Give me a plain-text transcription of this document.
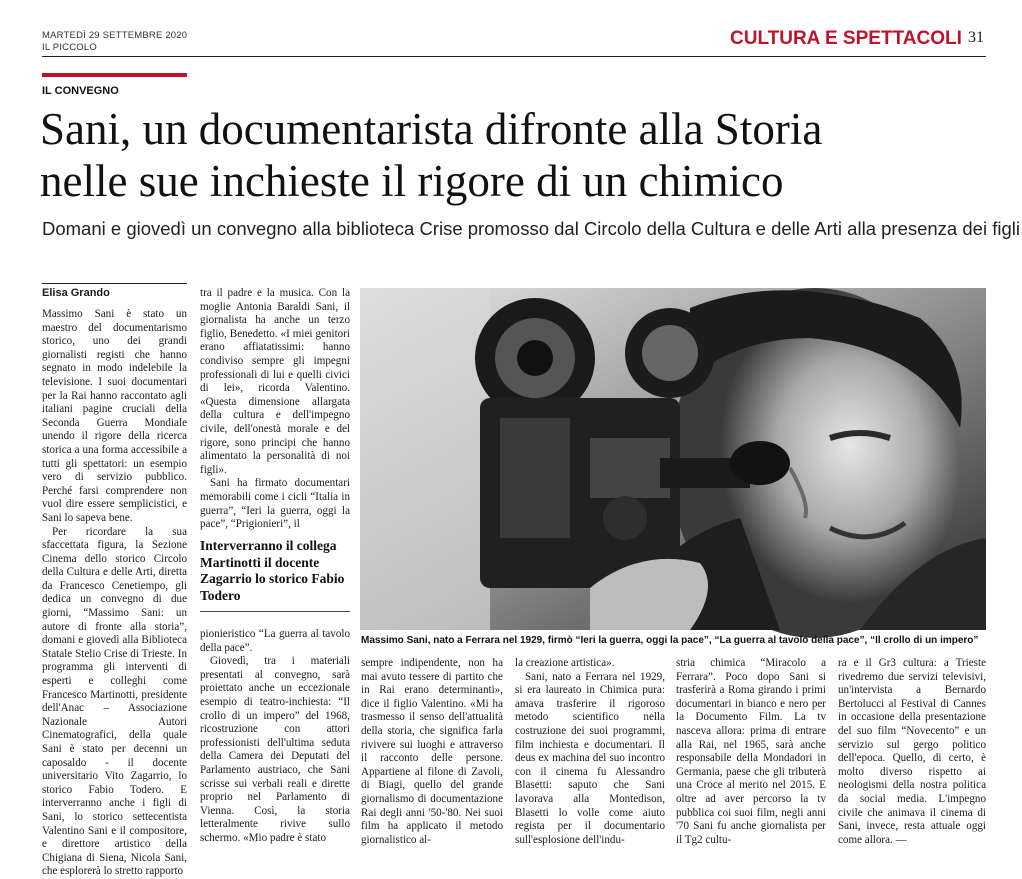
MARTEDÌ 29 SETTEMBRE 2020
IL PICCOLO	CULTURA E SPETTACOLI 31
IL CONVEGNO
Sani, un documentarista difronte alla Storia
nelle sue inchieste il rigore di un chimico
Domani e giovedì un convegno alla biblioteca Crise promosso dal Circolo della Cultura e delle Arti alla presenza dei figli
Elisa Grando

Massimo Sani è stato un maestro del documentarismo storico, uno dei grandi giornalisti registi che hanno segnato in modo indelebile la televisione. I suoi documentari per la Rai hanno raccontato agli italiani pagine cruciali della Seconda Guerra Mondiale unendo il rigore della ricerca storica a una forma accessibile a tutti gli spettatori: un esempio vero di servizio pubblico. Perché farsi comprendere non vuol dire essere semplicistici, e Sani lo sapeva bene.

Per ricordare la sua sfaccettata figura, la Sezione Cinema dello storico Circolo della Cultura e delle Arti, diretta da Francesco Cenetiempo, gli dedica un convegno di due giorni, “Massimo Sani: un autore di fronte alla storia”, domani e giovedì alla Biblioteca Statale Stelio Crise di Trieste. In programma gli interventi di esperti e colleghi come Francesco Martinotti, presidente dell'Anac – Associazione Nazionale Autori Cinematografici, della quale Sani è stato per decenni un caposaldo - il docente universitario Vito Zagarrio, lo storico Fabio Todero. E interverranno anche i figli di Sani, lo storico settecentista Valentino Sani e il compositore, e direttore artistico della Chigiana di Siena, Nicola Sani, che esplorerà lo stretto rapporto

tra il padre e la musica. Con la moglie Antonia Baraldi Sani, il giornalista ha anche un terzo figlio, Benedetto. «I miei genitori erano affiatatissimi: hanno condiviso sempre gli impegni professionali di lui e quelli civici di lei», ricorda Valentino. «Questa dimensione allargata della cultura e dell'impegno civile, dell'onestà morale e del rigore, sono principi che hanno alimentato la personalità di noi figli».

Sani ha firmato documentari memorabili come i cicli “Italia in guerra”, “Ieri la guerra, oggi la pace”, “Prigionieri”, il

Interverranno il collega Martinotti il docente Zagarrio lo storico Fabio Todero

pionieristico “La guerra al tavolo della pace”.

Giovedì, tra i materiali presentati al convegno, sarà proiettato anche un eccezionale esempio di teatro-inchiesta: “Il crollo di un impero” del 1968, ricostruzione con attori professionisti dell'ultima seduta della Camera dei Deputati del Parlamento austriaco, che Sani scrisse sui verbali reali e dirette proprio nel Parlamento di Vienna. Così, la storia letteralmente rivive sullo schermo. «Mio padre è stato

Massimo Sani, nato a Ferrara nel 1929, firmò “Ieri la guerra, oggi la pace”, “La guerra al tavolo della pace”, “Il crollo di un impero”

sempre indipendente, non ha mai avuto tessere di partito che in Rai erano determinanti», dice il figlio Valentino. «Mi ha trasmesso il senso dell'attualità della storia, che significa farla rivivere sui luoghi e attraverso il racconto delle persone. Appartiene al filone di Zavoli, di Biagi, quello del grande giornalismo di documentazione Rai degli anni '50-'80. Nei suoi film ha applicato il metodo giornalistico al-

la creazione artistica».

Sani, nato a Ferrara nel 1929, si era laureato in Chimica pura: amava trasferire il rigoroso metodo scientifico nella costruzione dei suoi programmi, film inchiesta e documentari. Il deus ex machina del suo incontro con il cinema fu Alessandro Blasetti: saputo che Sani lavorava alla Montedison, Blasetti lo volle come aiuto regista per il documentario sull'esplosione dell'indu-

stria chimica “Miracolo a Ferrara”. Poco dopo Sani si trasferirà a Roma girando i primi documentari in bianco e nero per la Documento Film. La tv nasceva allora: prima di entrare alla Rai, nel 1965, sarà anche responsabile della Mondadori in Germania, paese che gli tributerà una Croce al merito nel 2015. E oltre ad aver percorso la tv pubblica coi suoi film, negli anni '70 Sani fu anche giornalista per il Tg2 cultu-

ra e il Gr3 cultura: a Trieste rivedremo due servizi televisivi, un'intervista a Bernardo Bertolucci al Festival di Cannes in occasione della presentazione del suo film “Novecento” e un servizio sul gergo politico dell'epoca. Quello, di certo, è molto diverso rispetto ai neologismi della nostra politica da social media. L'impegno civile che animava il cinema di Sani, invece, resta attuale oggi come allora. —
